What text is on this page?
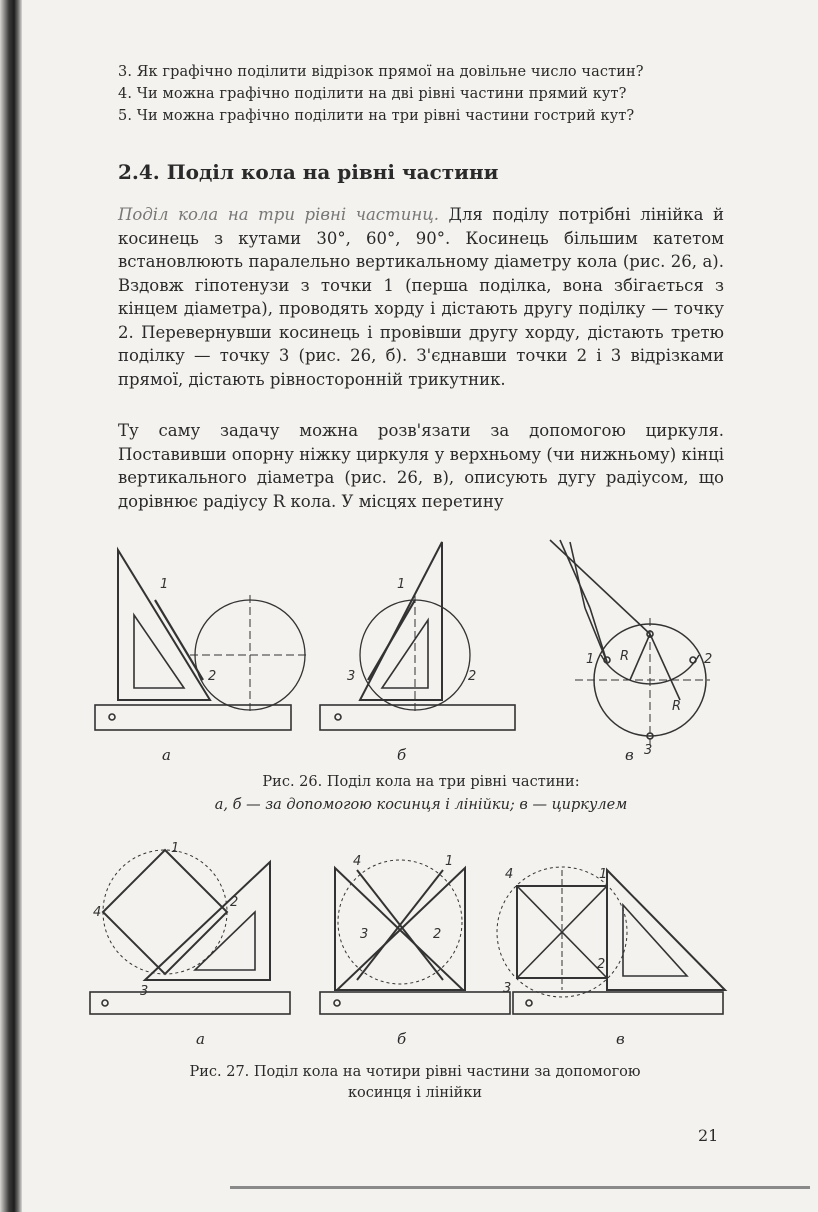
3. Як графічно поділити відрізок прямої на довільне число частин?
4. Чи можна графічно поділити на дві рівні частини прямий кут?
5. Чи можна графічно поділити на три рівні частини гострий кут?
2.4. Поділ кола на рівні частини
Поділ кола на три рівні частинц. Для поділу потрібні лінійка й косинець з кутами 30°, 60°, 90°. Косинець більшим катетом встановлюють паралельно вертикальному діаметру кола (рис. 26, а). Вздовж гіпотенузи з точки 1 (перша поділка, вона збігається з кінцем діаметра), проводять хорду і дістають другу поділку — точку 2. Перевернувши косинець і провівши другу хорду, дістають третю поділку — точку 3 (рис. 26, б). З'єднавши точки 2 і 3 відрізками прямої, дістають рівносторонній трикутник.
Ту саму задачу можна розв'язати за допомогою циркуля. Поставивши опорну ніжку циркуля у верхньому (чи нижньому) кінці вертикального діаметра (рис. 26, в), описують дугу радіусом, що дорівнює радіусу R кола. У місцях перетину
1
2
1
3	2
1	2
3
R
R
а	б	в
Рис. 26. Поділ кола на три рівні частини:
а, б — за допомогою косинця і лінійки; в — циркулем
1
2
3
4
4	1
3	2
4	1
2
3
а	б	в
Рис. 27. Поділ кола на чотири рівні частини за допомогою
косинця і лінійки
21
